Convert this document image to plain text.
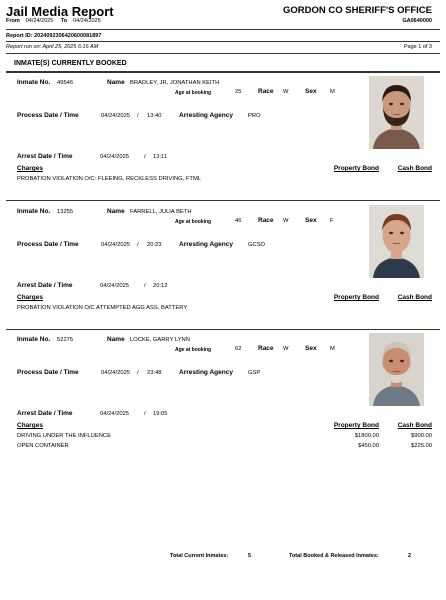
Jail Media Report	GORDON CO SHERIFF'S OFFICE
GA0640000
From 04/24/2025 To 04/24/2025
Report ID: 2024092306420600081897
Report run on: April 25, 2025 6:16 AM	Page 1 of 3
INMATE(S) CURRENTLY BOOKED
Inmate No. 49546	Name BRADLEY, JR, JONATHAN KEITH
Age at booking	25	Race W	Sex M
Process Date / Time	04/24/2025 / 13:40	Arresting Agency	PRO
Arrest Date / Time	04/24/2025	/ 13:11
Charges	Property Bond	Cash Bond
PROBATION VIOLATION O/C: FLEEING, RECKLESS DRIVING, FTML
Inmate No. 13255	Name FARRELL, JULIA BETH
Age at booking	46	Race W	Sex F
Process Date / Time	04/24/2025 / 20:23	Arresting Agency	GCSO
Arrest Date / Time	04/24/2025	/ 20:12
Charges	Property Bond	Cash Bond
PROBATION VIOLATION O/C ATTEMPTED AGG ASS, BATTERY
Inmate No. 52275	Name LOCKE, GARRY LYNN
Age at booking	62	Race W	Sex M
Process Date / Time	04/24/2025 / 23:48	Arresting Agency	GSP
Arrest Date / Time	04/24/2025	/ 19:05
Charges	Property Bond	Cash Bond
DRIVING UNDER THE INFLUENCE	$1800.00	$900.00
OPEN CONTAINER	$450.00	$225.00
Total Current Inmates:	5	Total Booked & Released Inmates:	2
